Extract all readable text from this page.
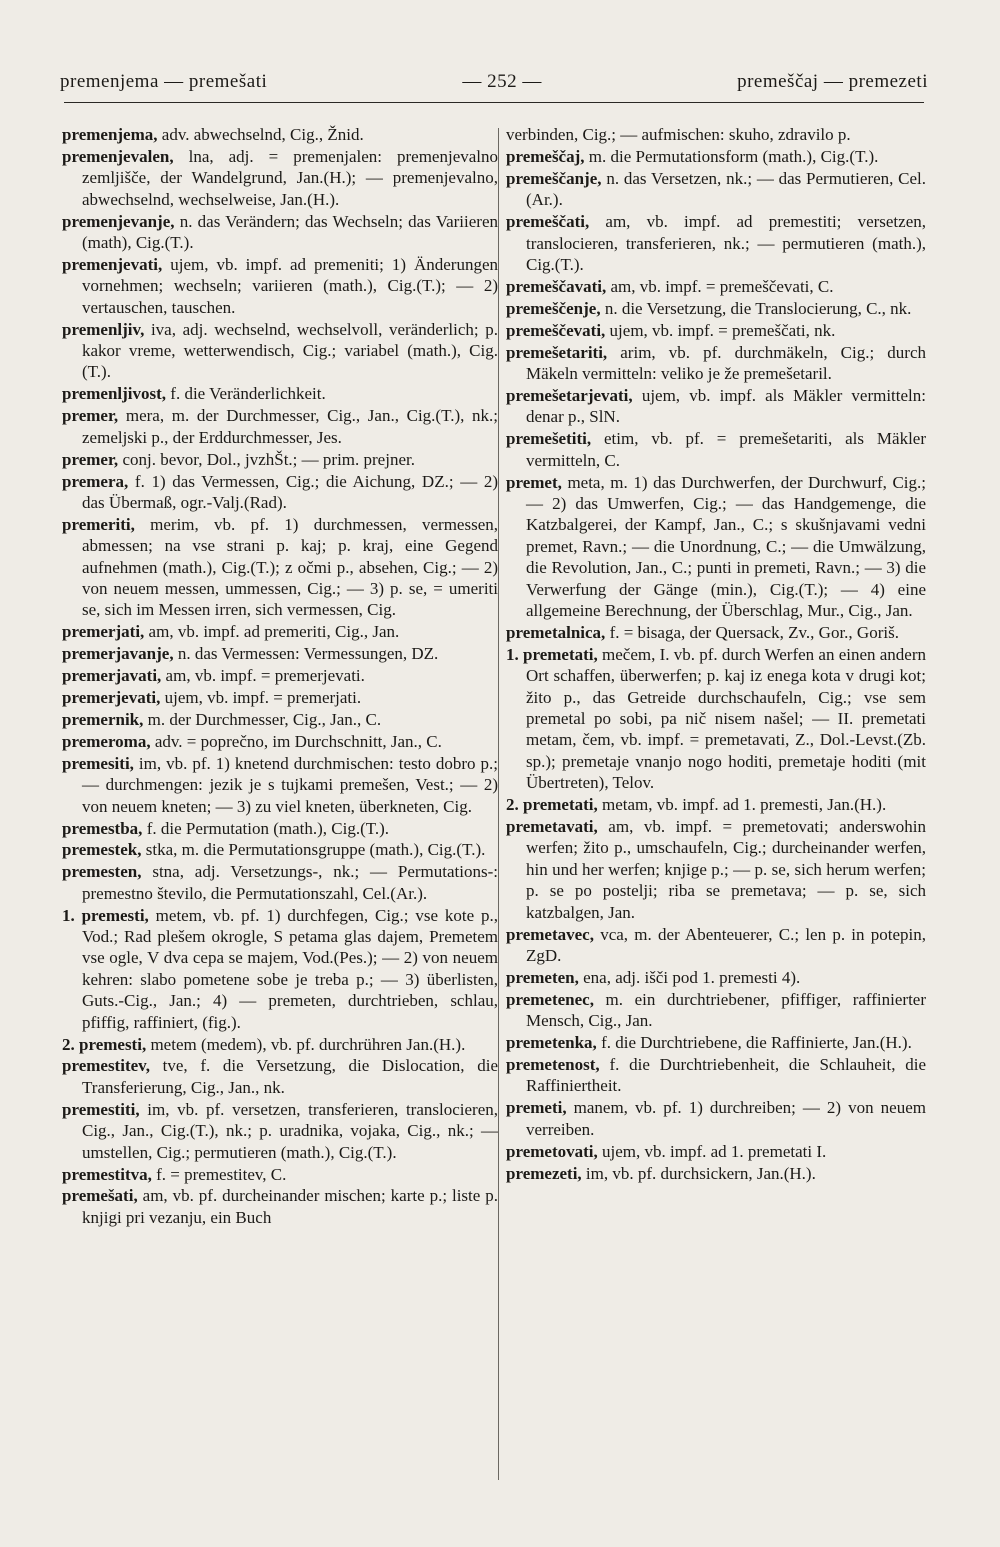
premenjema — premešati	— 252 —	premeščaj — premezeti

premenjema, adv. abwechselnd, Cig., Žnid.

premenjevalen, lna, adj. = premenjalen: premenjevalno zemljišče, der Wandelgrund, Jan.(H.); — premenjevalno, abwechselnd, wechselweise, Jan.(H.).

premenjevanje, n. das Verändern; das Wechseln; das Variieren (math), Cig.(T.).

premenjevati, ujem, vb. impf. ad premeniti; 1) Änderungen vornehmen; wechseln; variieren (math.), Cig.(T.); — 2) vertauschen, tauschen.

premenljiv, iva, adj. wechselnd, wechselvoll, veränderlich; p. kakor vreme, wetterwendisch, Cig.; variabel (math.), Cig.(T.).

premenljivost, f. die Veränderlichkeit.

premer, mera, m. der Durchmesser, Cig., Jan., Cig.(T.), nk.; zemeljski p., der Erddurchmesser, Jes.

premer, conj. bevor, Dol., jvzhŠt.; — prim. prejner.

premera, f. 1) das Vermessen, Cig.; die Aichung, DZ.; — 2) das Übermaß, ogr.-Valj.(Rad).

premeriti, merim, vb. pf. 1) durchmessen, vermessen, abmessen; na vse strani p. kaj; p. kraj, eine Gegend aufnehmen (math.), Cig.(T.); z očmi p., absehen, Cig.; — 2) von neuem messen, ummessen, Cig.; — 3) p. se, = umeriti se, sich im Messen irren, sich vermessen, Cig.

premerjati, am, vb. impf. ad premeriti, Cig., Jan.

premerjavanje, n. das Vermessen: Vermessungen, DZ.

premerjavati, am, vb. impf. = premerjevati.

premerjevati, ujem, vb. impf. = premerjati.

premernik, m. der Durchmesser, Cig., Jan., C.

premeroma, adv. = poprečno, im Durchschnitt, Jan., C.

premesiti, im, vb. pf. 1) knetend durchmischen: testo dobro p.; — durchmengen: jezik je s tujkami premešen, Vest.; — 2) von neuem kneten; — 3) zu viel kneten, überkneten, Cig.

premestba, f. die Permutation (math.), Cig.(T.).

premestek, stka, m. die Permutationsgruppe (math.), Cig.(T.).

premesten, stna, adj. Versetzungs-, nk.; — Permutations-: premestno število, die Permutationszahl, Cel.(Ar.).

1. premesti, metem, vb. pf. 1) durchfegen, Cig.; vse kote p., Vod.; Rad plešem okrogle, S petama glas dajem, Premetem vse ogle, V dva cepa se majem, Vod.(Pes.); — 2) von neuem kehren: slabo pometene sobe je treba p.; — 3) überlisten, Guts.-Cig., Jan.; 4) — premeten, durchtrieben, schlau, pfiffig, raffiniert, (fig.).

2. premesti, metem (medem), vb. pf. durchrühren Jan.(H.).

premestitev, tve, f. die Versetzung, die Dislocation, die Transferierung, Cig., Jan., nk.

premestiti, im, vb. pf. versetzen, transferieren, translocieren, Cig., Jan., Cig.(T.), nk.; p. uradnika, vojaka, Cig., nk.; — umstellen, Cig.; permutieren (math.), Cig.(T.).

premestitva, f. = premestitev, C.

premešati, am, vb. pf. durcheinander mischen; karte p.; liste p. knjigi pri vezanju, ein Buch

verbinden, Cig.; — aufmischen: skuho, zdravilo p.

premeščaj, m. die Permutationsform (math.), Cig.(T.).

premeščanje, n. das Versetzen, nk.; — das Permutieren, Cel.(Ar.).

premeščati, am, vb. impf. ad premestiti; versetzen, translocieren, transferieren, nk.; — permutieren (math.), Cig.(T.).

premeščavati, am, vb. impf. = premeščevati, C.

premeščenje, n. die Versetzung, die Translocierung, C., nk.

premeščevati, ujem, vb. impf. = premeščati, nk.

premešetariti, arim, vb. pf. durchmäkeln, Cig.; durch Mäkeln vermitteln: veliko je že premešetaril.

premešetarjevati, ujem, vb. impf. als Mäkler vermitteln: denar p., SlN.

premešetiti, etim, vb. pf. = premešetariti, als Mäkler vermitteln, C.

premet, meta, m. 1) das Durchwerfen, der Durchwurf, Cig.; — 2) das Umwerfen, Cig.; — das Handgemenge, die Katzbalgerei, der Kampf, Jan., C.; s skušnjavami vedni premet, Ravn.; — die Unordnung, C.; — die Umwälzung, die Revolution, Jan., C.; punti in premeti, Ravn.; — 3) die Verwerfung der Gänge (min.), Cig.(T.); — 4) eine allgemeine Berechnung, der Überschlag, Mur., Cig., Jan.

premetalnica, f. = bisaga, der Quersack, Zv., Gor., Goriš.

1. premetati, mečem, I. vb. pf. durch Werfen an einen andern Ort schaffen, überwerfen; p. kaj iz enega kota v drugi kot; žito p., das Getreide durchschaufeln, Cig.; vse sem premetal po sobi, pa nič nisem našel; — II. premetati metam, čem, vb. impf. = premetavati, Z., Dol.-Levst.(Zb. sp.); premetaje vnanjo nogo hoditi, premetaje hoditi (mit Übertreten), Telov.

2. premetati, metam, vb. impf. ad 1. premesti, Jan.(H.).

premetavati, am, vb. impf. = premetovati; anderswohin werfen; žito p., umschaufeln, Cig.; durcheinander werfen, hin und her werfen; knjige p.; — p. se, sich herum werfen; p. se po postelji; riba se premetava; — p. se, sich katzbalgen, Jan.

premetavec, vca, m. der Abenteuerer, C.; len p. in potepin, ZgD.

premeten, ena, adj. išči pod 1. premesti 4).

premetenec, m. ein durchtriebener, pfiffiger, raffinierter Mensch, Cig., Jan.

premetenka, f. die Durchtriebene, die Raffinierte, Jan.(H.).

premetenost, f. die Durchtriebenheit, die Schlauheit, die Raffiniertheit.

premeti, manem, vb. pf. 1) durchreiben; — 2) von neuem verreiben.

premetovati, ujem, vb. impf. ad 1. premetati I.

premezeti, im, vb. pf. durchsickern, Jan.(H.).
